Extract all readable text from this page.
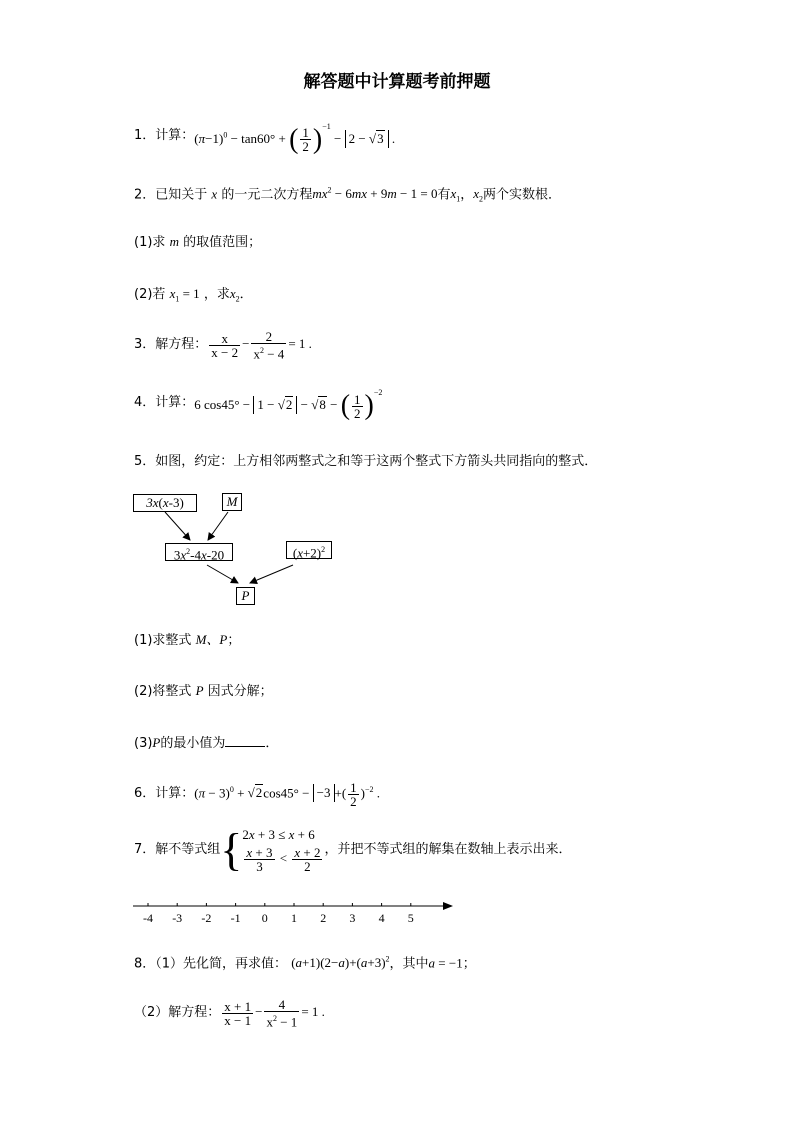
解答题中计算题考前押题
1．计算： $(\pi-1)^0 - \tan 60^\circ$ + ( $\frac{1}{2} )^{-1} - 2 - √3$ .
2．已知关于 x 的一元二次方程$mx^2 - 6mx + 9m - 1 = 0$有$x_1$，$x_2$两个实数根．
(1)求 m 的取值范围；
(2)若 $x_1 = 1$ ，求$x_2$．
3．解方程： $\frac{x}{x - 2} - \frac{2}{x^2 - 4} = 1$ .
4．计算： 6 cos45° − 1 − √2 − √8 − ( $\frac{1}{2} )^{-2}$
5．如图，约定：上方相邻两整式之和等于这两个整式下方箭头共同指向的整式．
3x(x-3)	M
$3x^2-4x-20$	$(x+2)^2$
P
(1)求整式 M、P；
(2)将整式 P 因式分解；
(3)P的最小值为	．
6．计算： $(\pi - 3)^0 + √2\cos 45^\circ - -3$ +( $\frac{1}{2} )^{-2}$ .
7．解不等式组 { 2x + 3 ≤ x + 6
$\frac{x + 3}{3} < \frac{x + 2}{2}$ ，并把不等式组的解集在数轴上表示出来．
-4 -3 -2 -1 0 1 2 3 4 5
8．（1）先化简，再求值： $(a+1)(2-a)+(a+3)^2$，其中a = −1；
（2）解方程： $\frac{x + 1}{x - 1} - \frac{4}{x^2 - 1} = 1$ .
